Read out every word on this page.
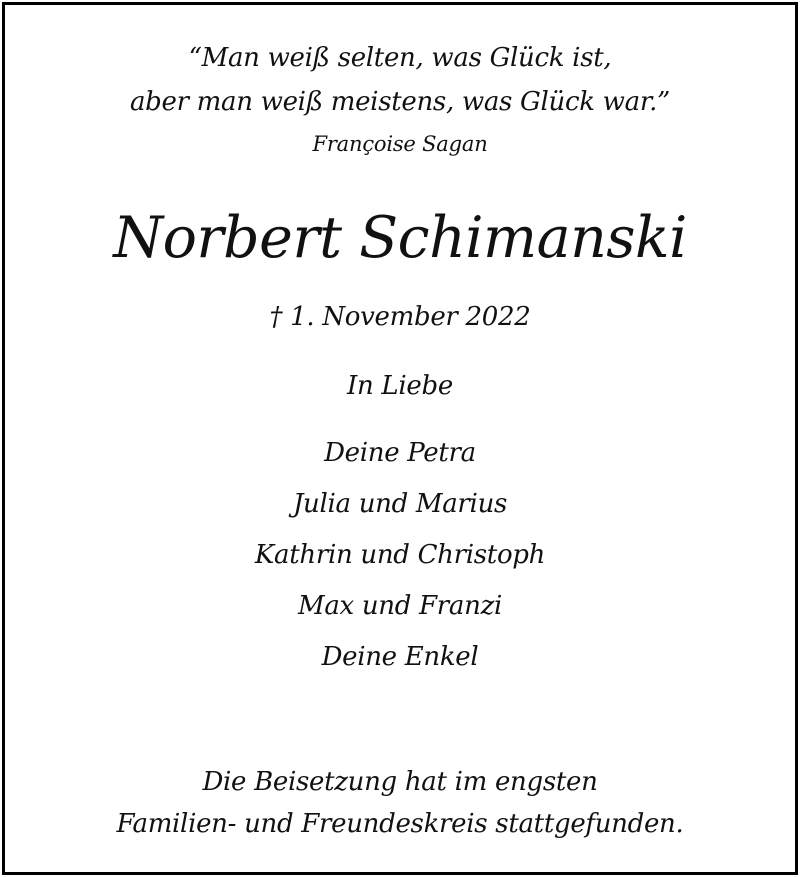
“Man weiß selten, was Glück ist,
aber man weiß meistens, was Glück war.”
Françoise Sagan
Norbert Schimanski
† 1. November 2022
In Liebe
Deine Petra
Julia und Marius
Kathrin und Christoph
Max und Franzi
Deine Enkel
Die Beisetzung hat im engsten
Familien- und Freundeskreis stattgefunden.
